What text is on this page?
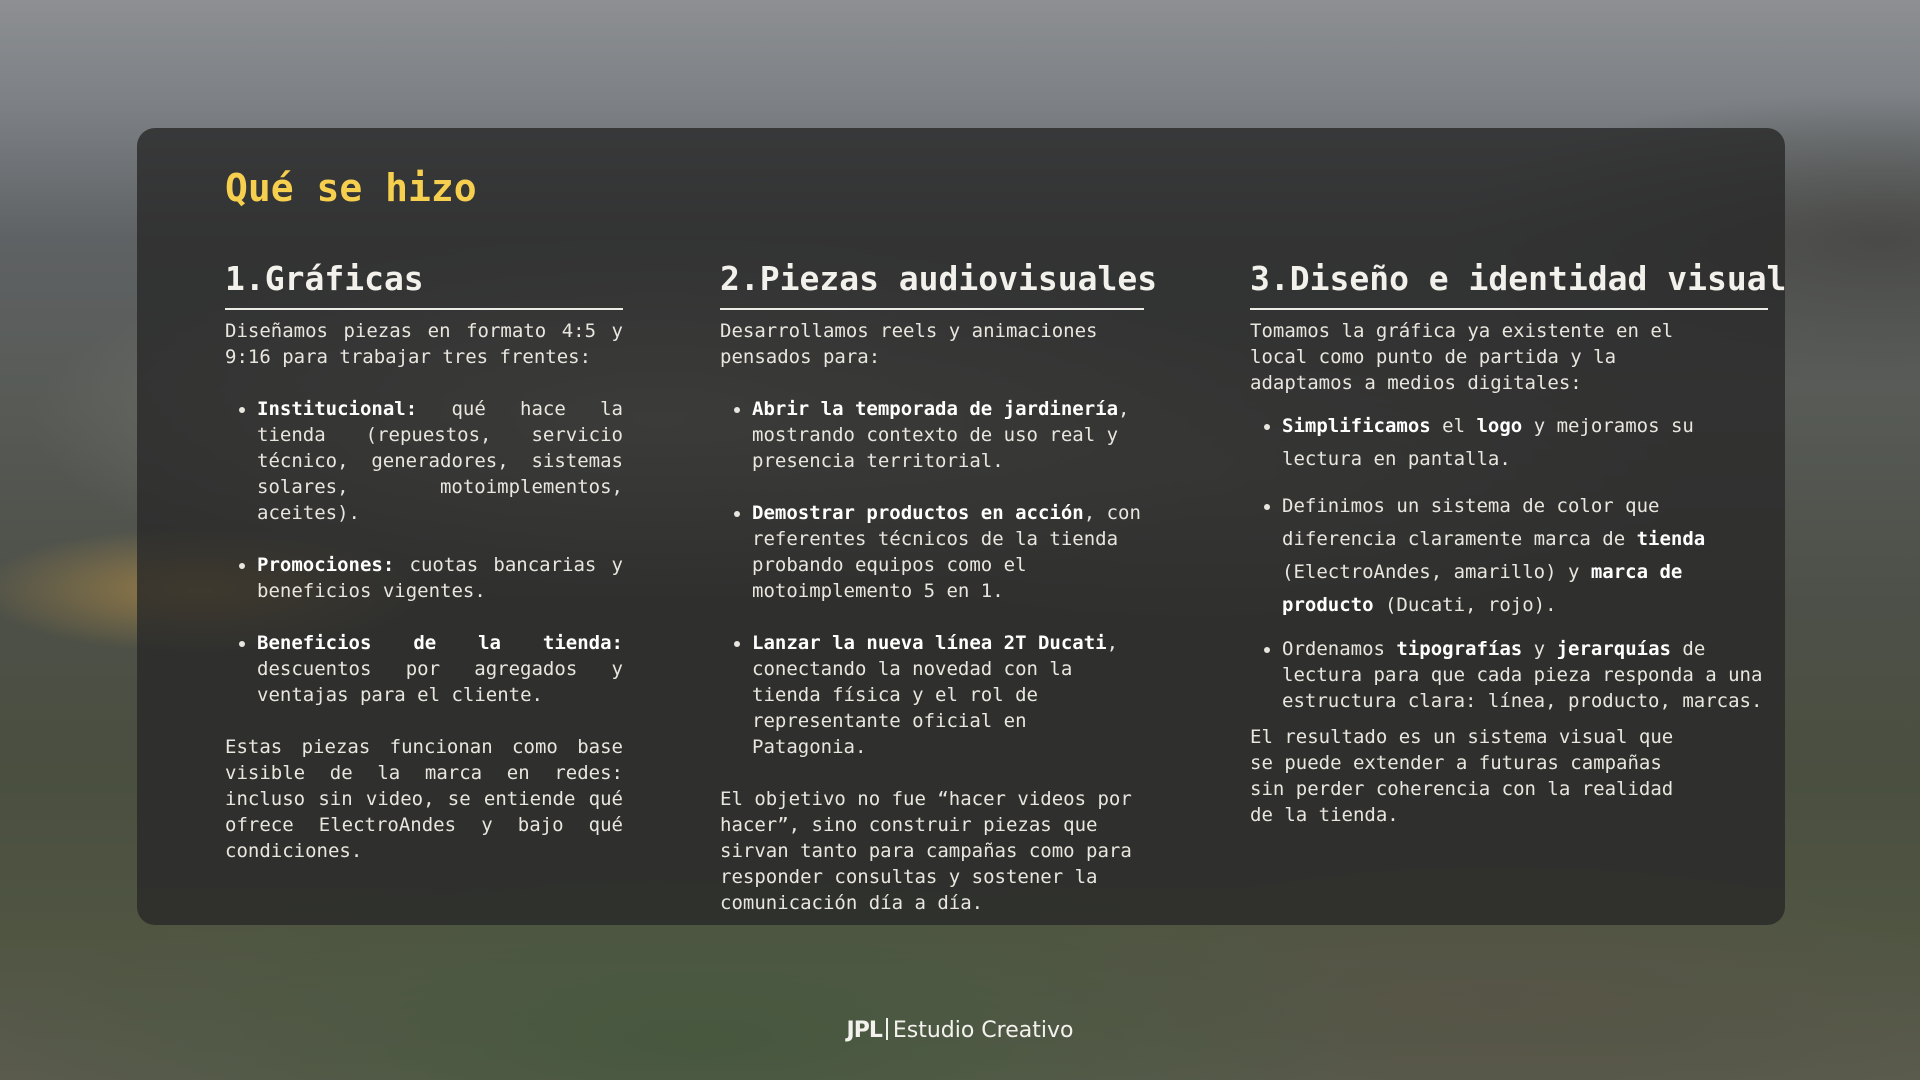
Qué se hizo
1.Gráficas

Diseñamos piezas en formato 4:5 y 9:16 para trabajar tres frentes:

• Institucional: qué hace la tienda (repuestos, servicio técnico, generadores, sistemas solares, motoimplementos, aceites).
• Promociones: cuotas bancarias y beneficios vigentes.
• Beneficios de la tienda: descuentos por agregados y ventajas para el cliente.

Estas piezas funcionan como base visible de la marca en redes: incluso sin video, se entiende qué ofrece ElectroAndes y bajo qué condiciones.

2.Piezas audiovisuales

Desarrollamos reels y animaciones pensados para:

• Abrir la temporada de jardinería, mostrando contexto de uso real y presencia territorial.
• Demostrar productos en acción, con referentes técnicos de la tienda probando equipos como el motoimplemento 5 en 1.
• Lanzar la nueva línea 2T Ducati, conectando la novedad con la tienda física y el rol de representante oficial en Patagonia.

El objetivo no fue “hacer videos por hacer”, sino construir piezas que sirvan tanto para campañas como para responder consultas y sostener la comunicación día a día.

3.Diseño e identidad visual

Tomamos la gráfica ya existente en el local como punto de partida y la adaptamos a medios digitales:

• Simplificamos el logo y mejoramos su lectura en pantalla.
• Definimos un sistema de color que diferencia claramente marca de tienda (ElectroAndes, amarillo) y marca de producto (Ducati, rojo).
• Ordenamos tipografías y jerarquías de lectura para que cada pieza responda a una estructura clara: línea, producto, marcas.

El resultado es un sistema visual que se puede extender a futuras campañas sin perder coherencia con la realidad de la tienda.

JPL Estudio Creativo
